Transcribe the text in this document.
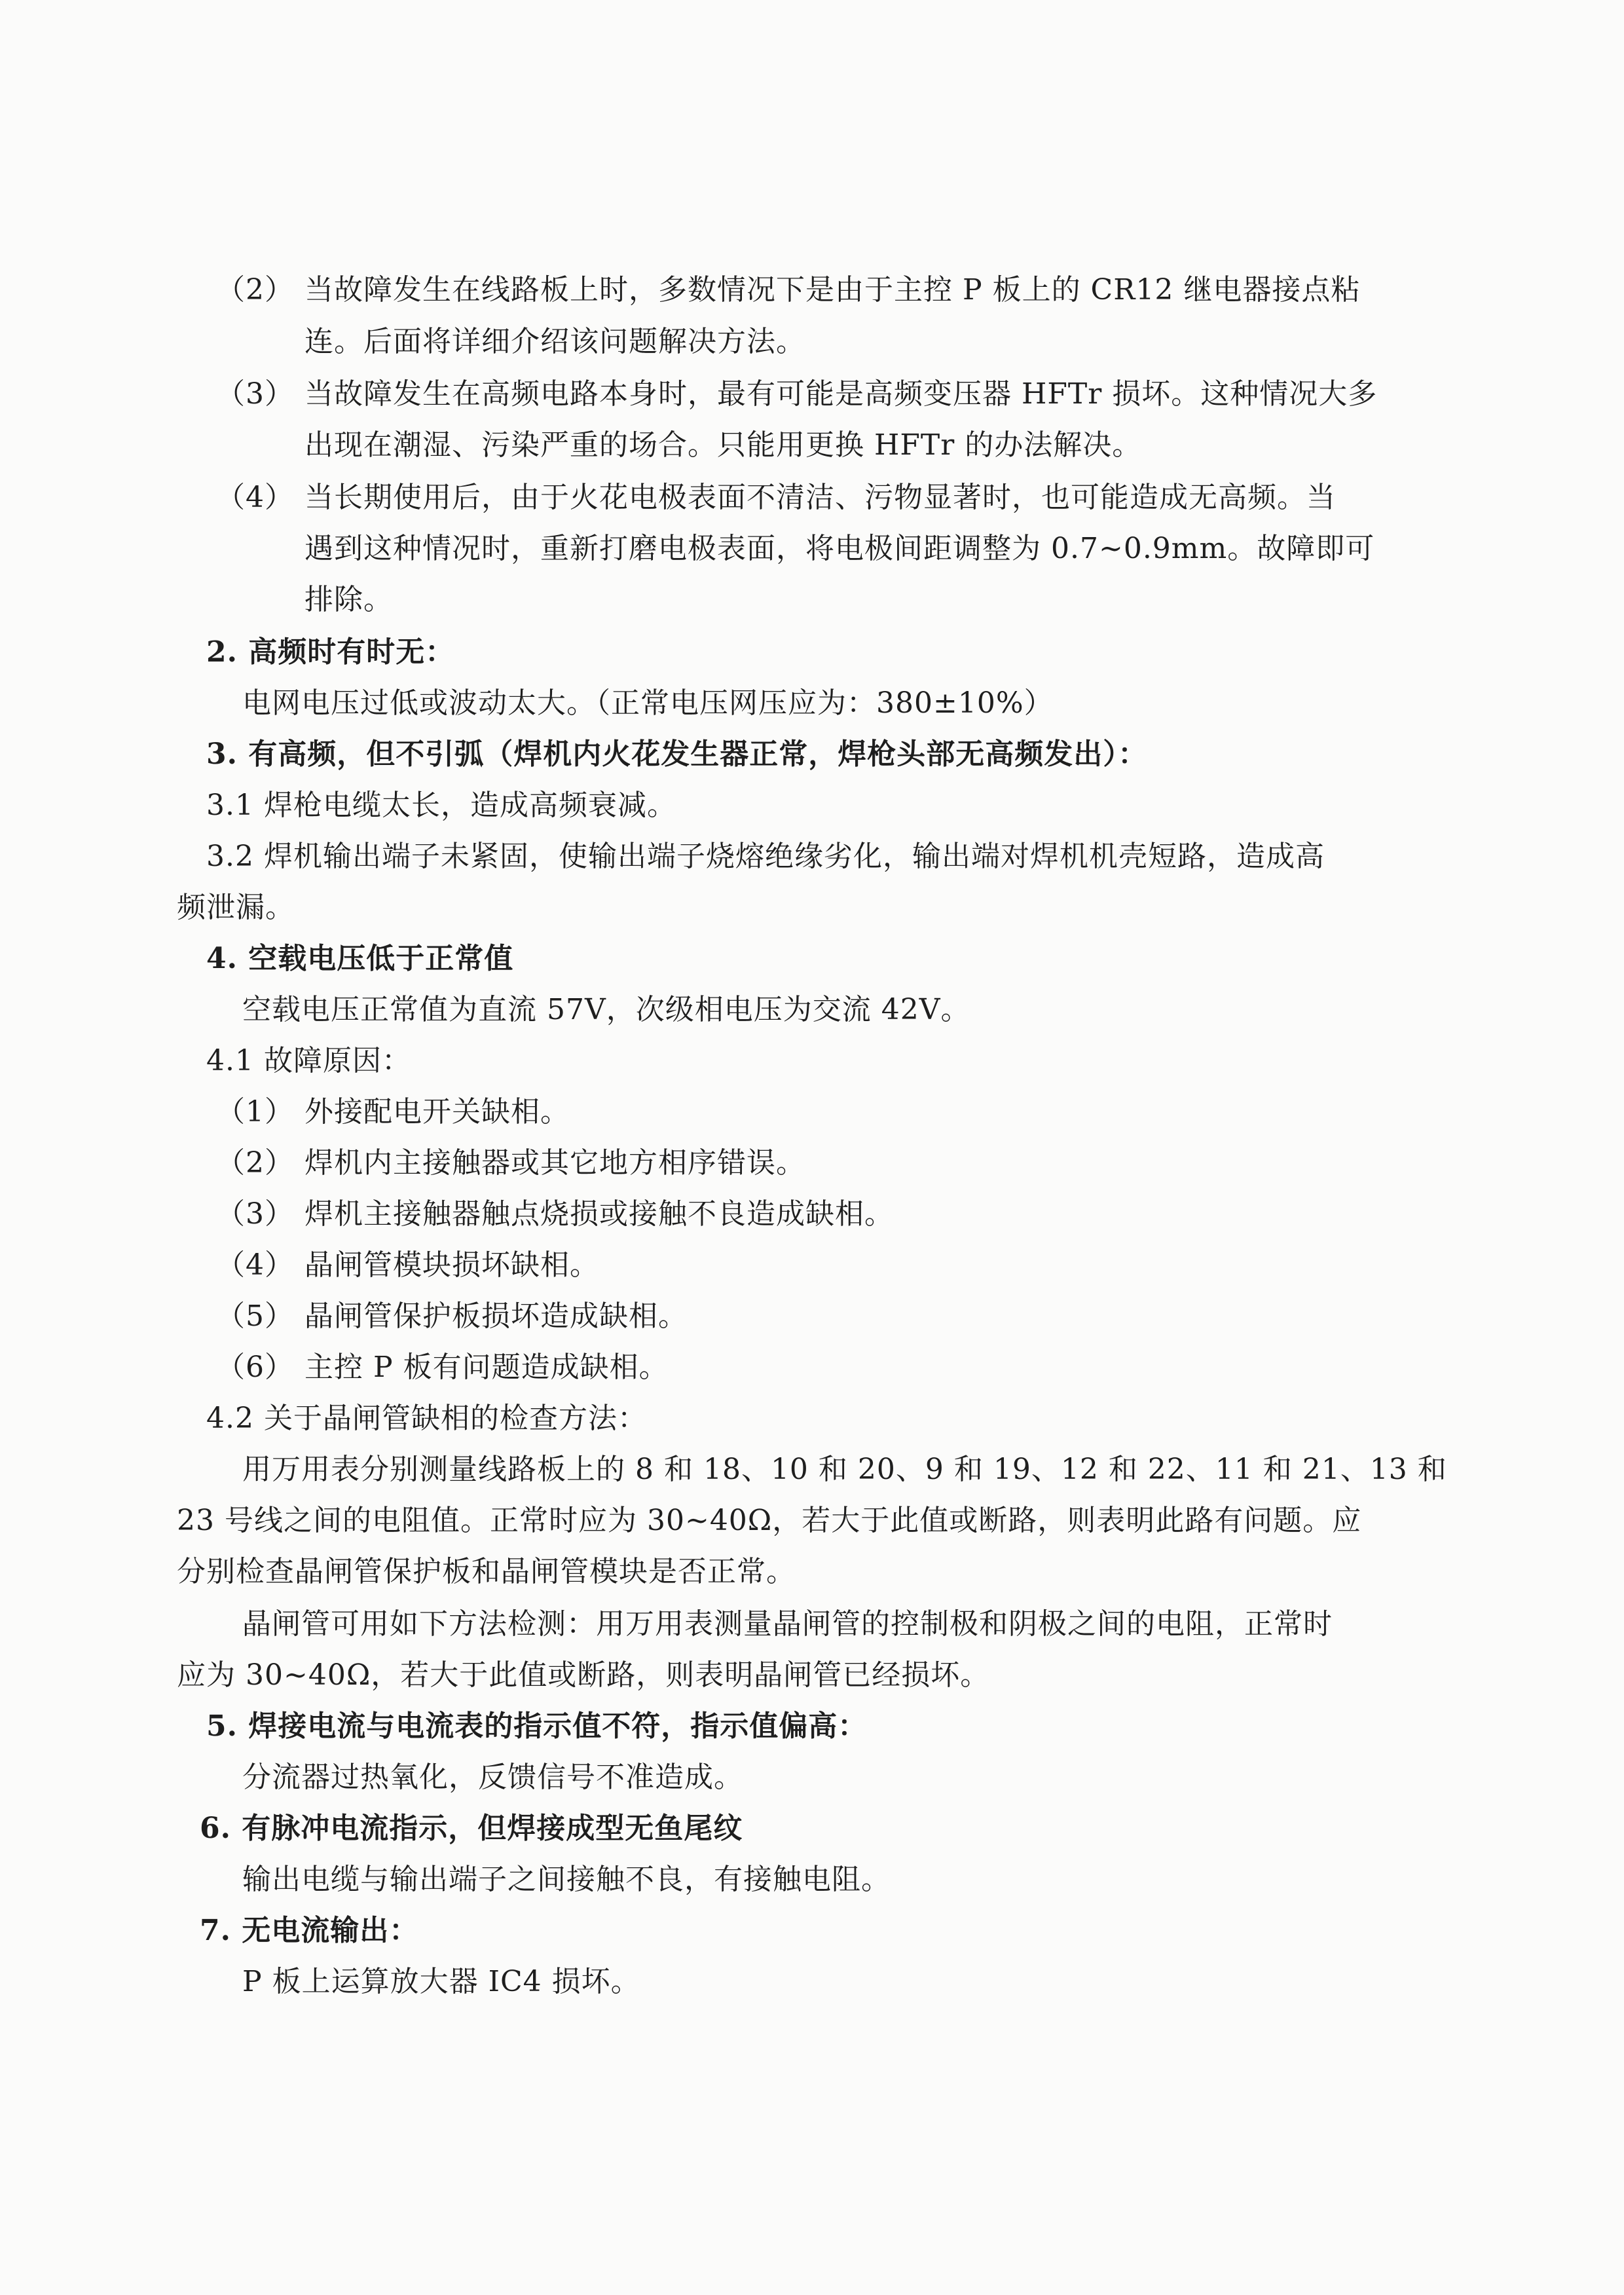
（2） 当故障发生在线路板上时，多数情况下是由于主控 P 板上的 CR12 继电器接点粘
连。后面将详细介绍该问题解决方法。
（3） 当故障发生在高频电路本身时，最有可能是高频变压器 HFTr 损坏。这种情况大多
出现在潮湿、污染严重的场合。只能用更换 HFTr 的办法解决。
（4） 当长期使用后，由于火花电极表面不清洁、污物显著时，也可能造成无高频。当
遇到这种情况时，重新打磨电极表面，将电极间距调整为 0.7~0.9mm。故障即可
排除。
2. 高频时有时无：
电网电压过低或波动太大。（正常电压网压应为：380±10%）
3. 有高频，但不引弧（焊机内火花发生器正常，焊枪头部无高频发出）：
3.1 焊枪电缆太长，造成高频衰减。
3.2 焊机输出端子未紧固，使输出端子烧熔绝缘劣化，输出端对焊机机壳短路，造成高
频泄漏。
4. 空载电压低于正常值
空载电压正常值为直流 57V，次级相电压为交流 42V。
4.1 故障原因：
（1） 外接配电开关缺相。
（2） 焊机内主接触器或其它地方相序错误。
（3） 焊机主接触器触点烧损或接触不良造成缺相。
（4） 晶闸管模块损坏缺相。
（5） 晶闸管保护板损坏造成缺相。
（6） 主控 P 板有问题造成缺相。
4.2 关于晶闸管缺相的检查方法：
用万用表分别测量线路板上的 8 和 18、10 和 20、9 和 19、12 和 22、11 和 21、13 和
23 号线之间的电阻值。正常时应为 30~40Ω，若大于此值或断路，则表明此路有问题。应
分别检查晶闸管保护板和晶闸管模块是否正常。
晶闸管可用如下方法检测：用万用表测量晶闸管的控制极和阴极之间的电阻，正常时
应为 30~40Ω，若大于此值或断路，则表明晶闸管已经损坏。
5. 焊接电流与电流表的指示值不符，指示值偏高：
分流器过热氧化，反馈信号不准造成。
6. 有脉冲电流指示，但焊接成型无鱼尾纹
输出电缆与输出端子之间接触不良，有接触电阻。
7. 无电流输出：
P 板上运算放大器 IC4 损坏。
